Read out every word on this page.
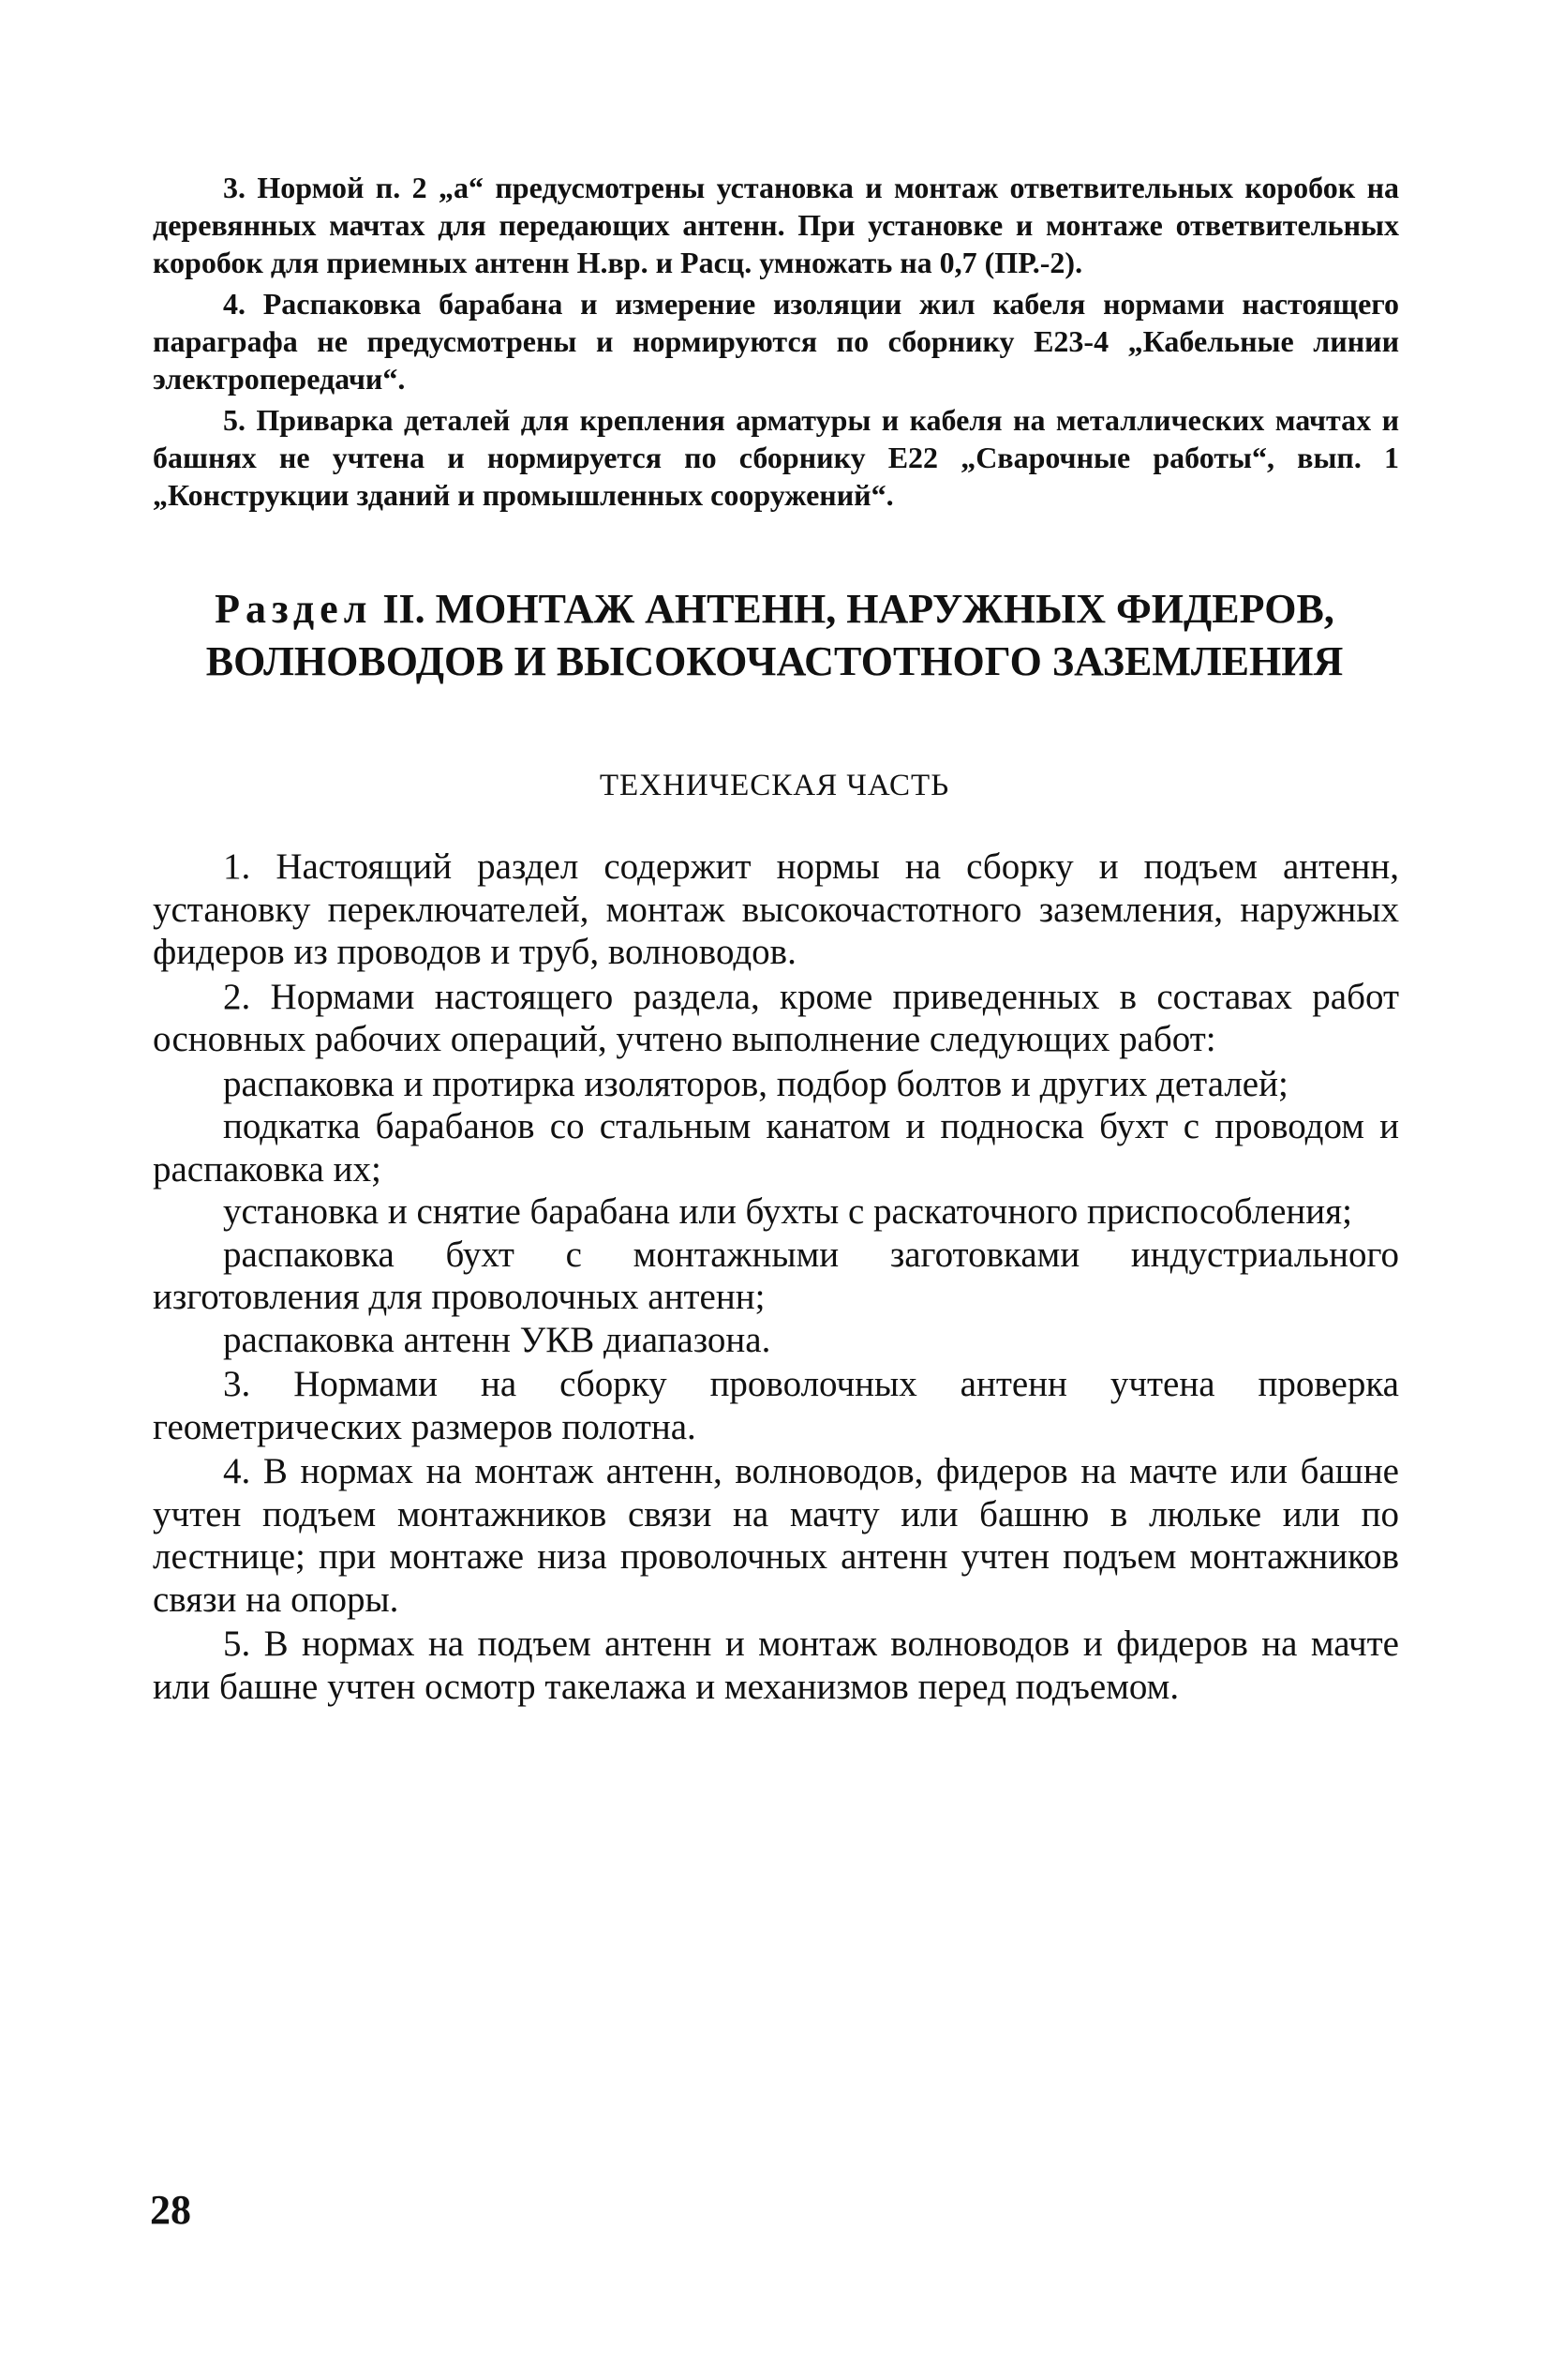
3. Нормой п. 2 „а“ предусмотрены установка и монтаж ответвительных коробок на деревянных мачтах для передающих антенн. При установке и монтаже ответвительных коробок для приемных антенн Н.вр. и Расц. умножать на 0,7 (ПР.-2).

4. Распаковка барабана и измерение изоляции жил кабеля нормами настоящего параграфа не предусмотрены и нормируются по сборнику Е23-4 „Кабельные линии электропередачи“.

5. Приварка деталей для крепления арматуры и кабеля на металлических мачтах и башнях не учтена и нормируется по сборнику Е22 „Сварочные работы“, вып. 1 „Конструкции зданий и промышленных сооружений“.

Раздел II. МОНТАЖ АНТЕНН, НАРУЖНЫХ ФИДЕРОВ,
ВОЛНОВОДОВ И ВЫСОКОЧАСТОТНОГО ЗАЗЕМЛЕНИЯ
ТЕХНИЧЕСКАЯ ЧАСТЬ

1. Настоящий раздел содержит нормы на сборку и подъем антенн, установку переключателей, монтаж высокочастотного заземления, наружных фидеров из проводов и труб, волноводов.

2. Нормами настоящего раздела, кроме приведенных в составах работ основных рабочих операций, учтено выполнение следующих работ:

распаковка и протирка изоляторов, подбор болтов и других деталей;
подкатка барабанов со стальным канатом и подноска бухт с проводом и распаковка их;
установка и снятие барабана или бухты с раскаточного приспособления;
распаковка бухт с монтажными заготовками индустриального изготовления для проволочных антенн;
распаковка антенн УКВ диапазона.

3. Нормами на сборку проволочных антенн учтена проверка геометрических размеров полотна.

4. В нормах на монтаж антенн, волноводов, фидеров на мачте или башне учтен подъем монтажников связи на мачту или башню в люльке или по лестнице; при монтаже низа проволочных антенн учтен подъем монтажников связи на опоры.

5. В нормах на подъем антенн и монтаж волноводов и фидеров на мачте или башне учтен осмотр такелажа и механизмов перед подъемом.

28
